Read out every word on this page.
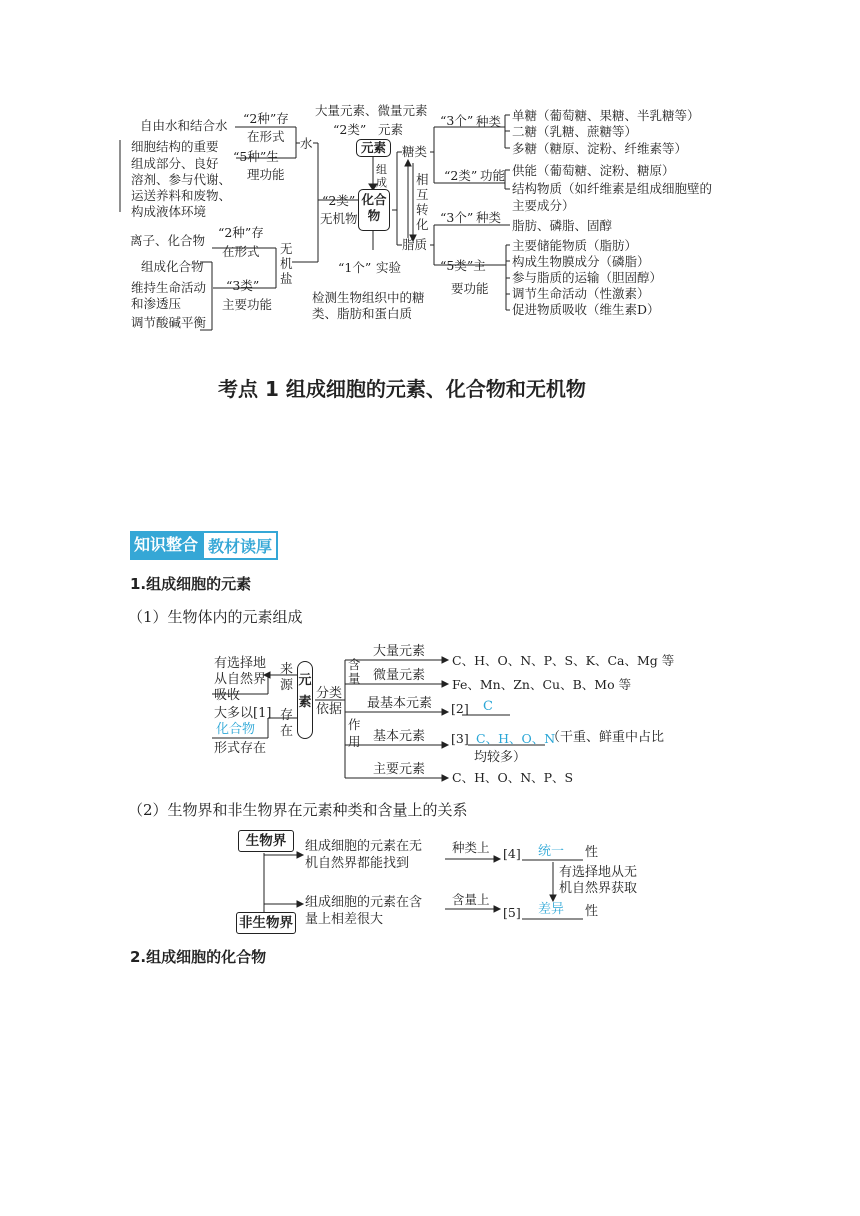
自由水和结合水 “2种”存
在形式
细胞结构的重要
组成部分、良好
溶剂、参与代谢、
运送养料和废物、
构成液体环境
“5种”生
理功能
水
离子、化合物
“2种”存
在形式
组成化合物
维持生命活动
和渗透压
调节酸碱平衡
“3类”
主要功能
无机盐
“2类”
无机物
大量元素、微量元素
“2类” 元素
元素
组成
化合物
“1个” 实验
检测生物组织中的糖
类、脂肪和蛋白质
糖类
脂质
相互转化
“3个” 种类 单糖（葡萄糖、果糖、半乳糖等）
二糖（乳糖、蔗糖等）
多糖（糖原、淀粉、纤维素等）
“2类” 功能 供能（葡萄糖、淀粉、糖原）
结构物质（如纤维素是组成细胞壁的
主要成分）
“3个” 种类
脂肪、磷脂、固醇
“5类”主
要功能
主要储能物质（脂肪）
构成生物膜成分（磷脂）
参与脂质的运输（胆固醇）
调节生命活动（性激素）
促进物质吸收（维生素D）
考点 1 组成细胞的元素、化合物和无机物
知识整合 教材读厚
1.组成细胞的元素
（1）生物体内的元素组成
有选择地
从自然界
吸收
大多以[1]
化合物
形式存在
来源
存在
元素
分类
依据
含量
作用
大量元素
C、H、O、N、P、S、K、Ca、Mg 等
微量元素
Fe、Mn、Zn、Cu、B、Mo 等
最基本元素 [2] C
基本元素 [3] C、H、O、N
（干重、鲜重中占比
均较多）
主要元素
C、H、O、N、P、S
（2）生物界和非生物界在元素种类和含量上的关系
生物界
非生物界
组成细胞的元素在无
机自然界都能找到
组成细胞的元素在含
量上相差很大
种类上
含量上
[4] 统一 性
[5] 差异 性
有选择地从无
机自然界获取
2.组成细胞的化合物
